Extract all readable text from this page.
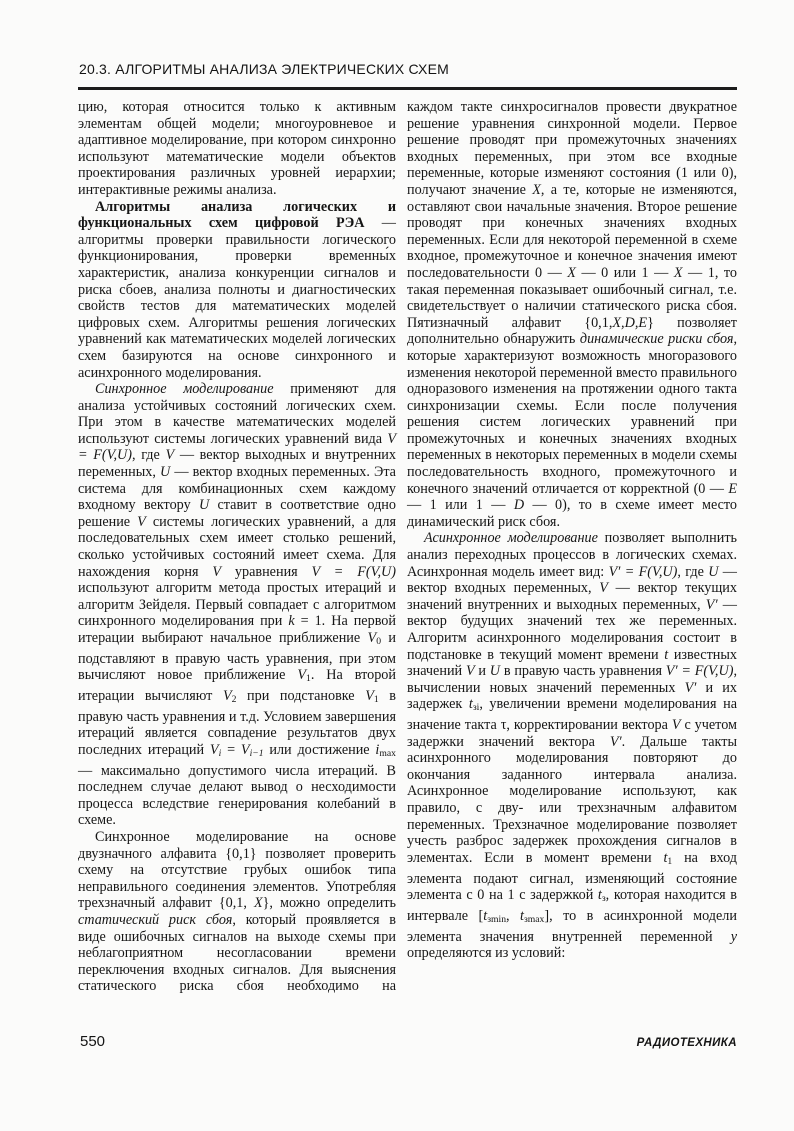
20.3. АЛГОРИТМЫ АНАЛИЗА ЭЛЕКТРИЧЕСКИХ СХЕМ

цию, которая относится только к активным элементам общей модели; многоуровневое и адаптивное моделирование, при котором синхронно используют математические модели объектов проектирования различных уровней иерархии; интерактивные режимы анализа.

Алгоритмы анализа логических и функциональных схем цифровой РЭА — алгоритмы проверки правильности логического функционирования, проверки временны́х характеристик, анализа конкуренции сигналов и риска сбоев, анализа полноты и диагностических свойств тестов для математических моделей цифровых схем. Алгоритмы решения логических уравнений как математических моделей логических схем базируются на основе синхронного и асинхронного моделирования.

Синхронное моделирование применяют для анализа устойчивых состояний логических схем. При этом в качестве математических моделей используют системы логических уравнений вида V = F(V,U), где V — вектор выходных и внутренних переменных, U — вектор входных переменных. Эта система для комбинационных схем каждому входному вектору U ставит в соответствие одно решение V системы логических уравнений, а для последовательных схем имеет столько решений, сколько устойчивых состояний имеет схема. Для нахождения корня V уравнения V = F(V,U) используют алгоритм метода простых итераций и алгоритм Зейделя. Первый совпадает с алгоритмом синхронного моделирования при k = 1. На первой итерации выбирают начальное приближение V0 и подставляют в правую часть уравнения, при этом вычисляют новое приближение V1. На второй итерации вычисляют V2 при подстановке V1 в правую часть уравнения и т.д. Условием завершения итераций является совпадение результатов двух последних итераций Vi = Vi−1 или достижение imax — максимально допустимого числа итераций. В последнем случае делают вывод о несходимости процесса вследствие генерирования колебаний в схеме.

Синхронное моделирование на основе двузначного алфавита {0,1} позволяет проверить схему на отсутствие грубых ошибок типа неправильного соединения элементов. Употребляя трехзначный алфавит {0,1, X}, можно определить статический риск сбоя, который проявляется в виде ошибочных сигналов на выходе схемы при неблагоприятном несогласовании времени переключения входных сигналов. Для выяснения статического риска сбоя необходимо на

каждом такте синхросигналов провести двукратное решение уравнения синхронной модели. Первое решение проводят при промежуточных значениях входных переменных, при этом все входные переменные, которые изменяют состояния (1 или 0), получают значение X, а те, которые не изменяются, оставляют свои начальные значения. Второе решение проводят при конечных значениях входных переменных. Если для некоторой переменной в схеме входное, промежуточное и конечное значения имеют последовательности 0 — X — 0 или 1 — X — 1, то такая переменная показывает ошибочный сигнал, т.е. свидетельствует о наличии статического риска сбоя. Пятизначный алфавит {0,1,X,D,E} позволяет дополнительно обнаружить динамические риски сбоя, которые характеризуют возможность многоразового изменения некоторой переменной вместо правильного одноразового изменения на протяжении одного такта синхронизации схемы. Если после получения решения систем логических уравнений при промежуточных и конечных значениях входных переменных в некоторых переменных в модели схемы последовательность входного, промежуточного и конечного значений отличается от корректной (0 — E — 1 или 1 — D — 0), то в схеме имеет место динамический риск сбоя.

Асинхронное моделирование позволяет выполнить анализ переходных процессов в логических схемах. Асинхронная модель имеет вид: V′ = F(V,U), где U — вектор входных переменных, V — вектор текущих значений внутренних и выходных переменных, V′ — вектор будущих значений тех же переменных. Алгоритм асинхронного моделирования состоит в подстановке в текущий момент времени t известных значений V и U в правую часть уравнения V′ = F(V,U), вычислении новых значений переменных V′ и их задержек tзi, увеличении времени моделирования на значение такта τ, корректировании вектора V с учетом задержки значений вектора V′. Дальше такты асинхронного моделирования повторяют до окончания заданного интервала анализа. Асинхронное моделирование используют, как правило, с дву- или трехзначным алфавитом переменных. Трехзначное моделирование позволяет учесть разброс задержек прохождения сигналов в элементах. Если в момент времени t1 на вход элемента подают сигнал, изменяющий состояние элемента с 0 на 1 с задержкой tз, которая находится в интервале [tзmin, tзmax], то в асинхронной модели элемента значения внутренней переменной y определяются из условий:

550	РАДИОТЕХНИКА
